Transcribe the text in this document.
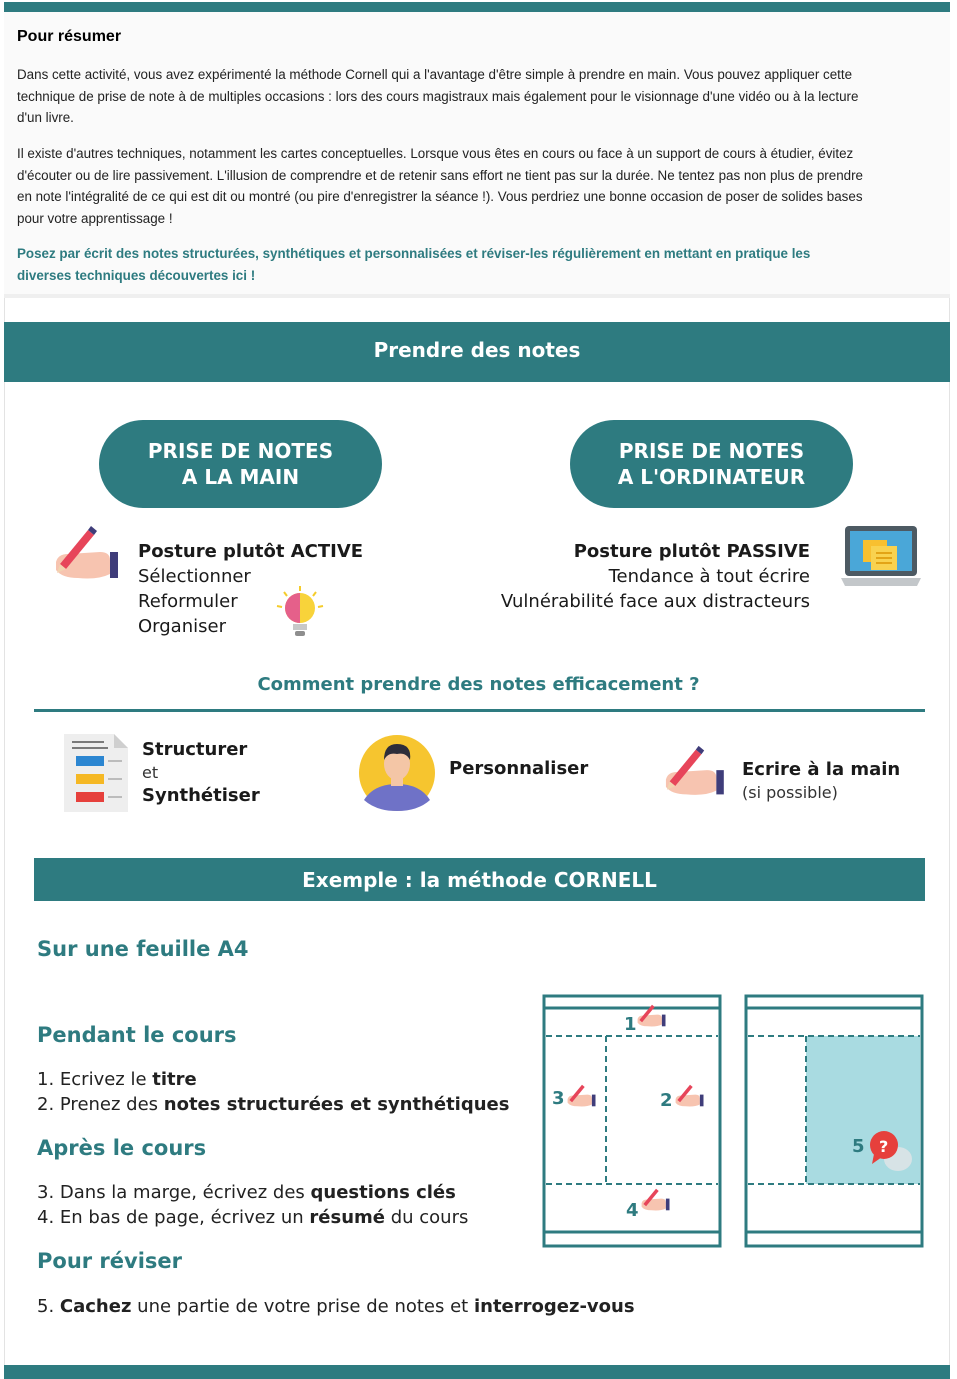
Pour résumer

Dans cette activité, vous avez expérimenté la méthode Cornell qui a l'avantage d'être simple à prendre en main. Vous pouvez appliquer cette
technique de prise de note à de multiples occasions : lors des cours magistraux mais également pour le visionnage d'une vidéo ou à la lecture
d'un livre.

Il existe d'autres techniques, notamment les cartes conceptuelles. Lorsque vous êtes en cours ou face à un support de cours à étudier, évitez
d'écouter ou de lire passivement. L'illusion de comprendre et de retenir sans effort ne tient pas sur la durée. Ne tentez pas non plus de prendre
en note l'intégralité de ce qui est dit ou montré (ou pire d'enregistrer la séance !). Vous perdriez une bonne occasion de poser de solides bases
pour votre apprentissage !

Posez par écrit des notes structurées, synthétiques et personnalisées et réviser-les régulièrement en mettant en pratique les
diverses techniques découvertes ici !

Prendre des notes
PRISE DE NOTES
A LA MAIN
PRISE DE NOTES
A L'ORDINATEUR
Posture plutôt ACTIVE
Sélectionner
Reformuler
Organiser
Posture plutôt PASSIVE
Tendance à tout écrire
Vulnérabilité face aux distracteurs
Comment prendre des notes efficacement ?
Structurer
et
Synthétiser
Personnaliser	Ecrire à la main
(si possible)
Exemple : la méthode CORNELL
Sur une feuille A4
Pendant le cours
1. Ecrivez le titre
2. Prenez des notes structurées et synthétiques
Après le cours
3. Dans la marge, écrivez des questions clés
4. En bas de page, écrivez un résumé du cours
Pour réviser
5. Cachez une partie de votre prise de notes et interrogez-vous
1
2
3
4
?
5
